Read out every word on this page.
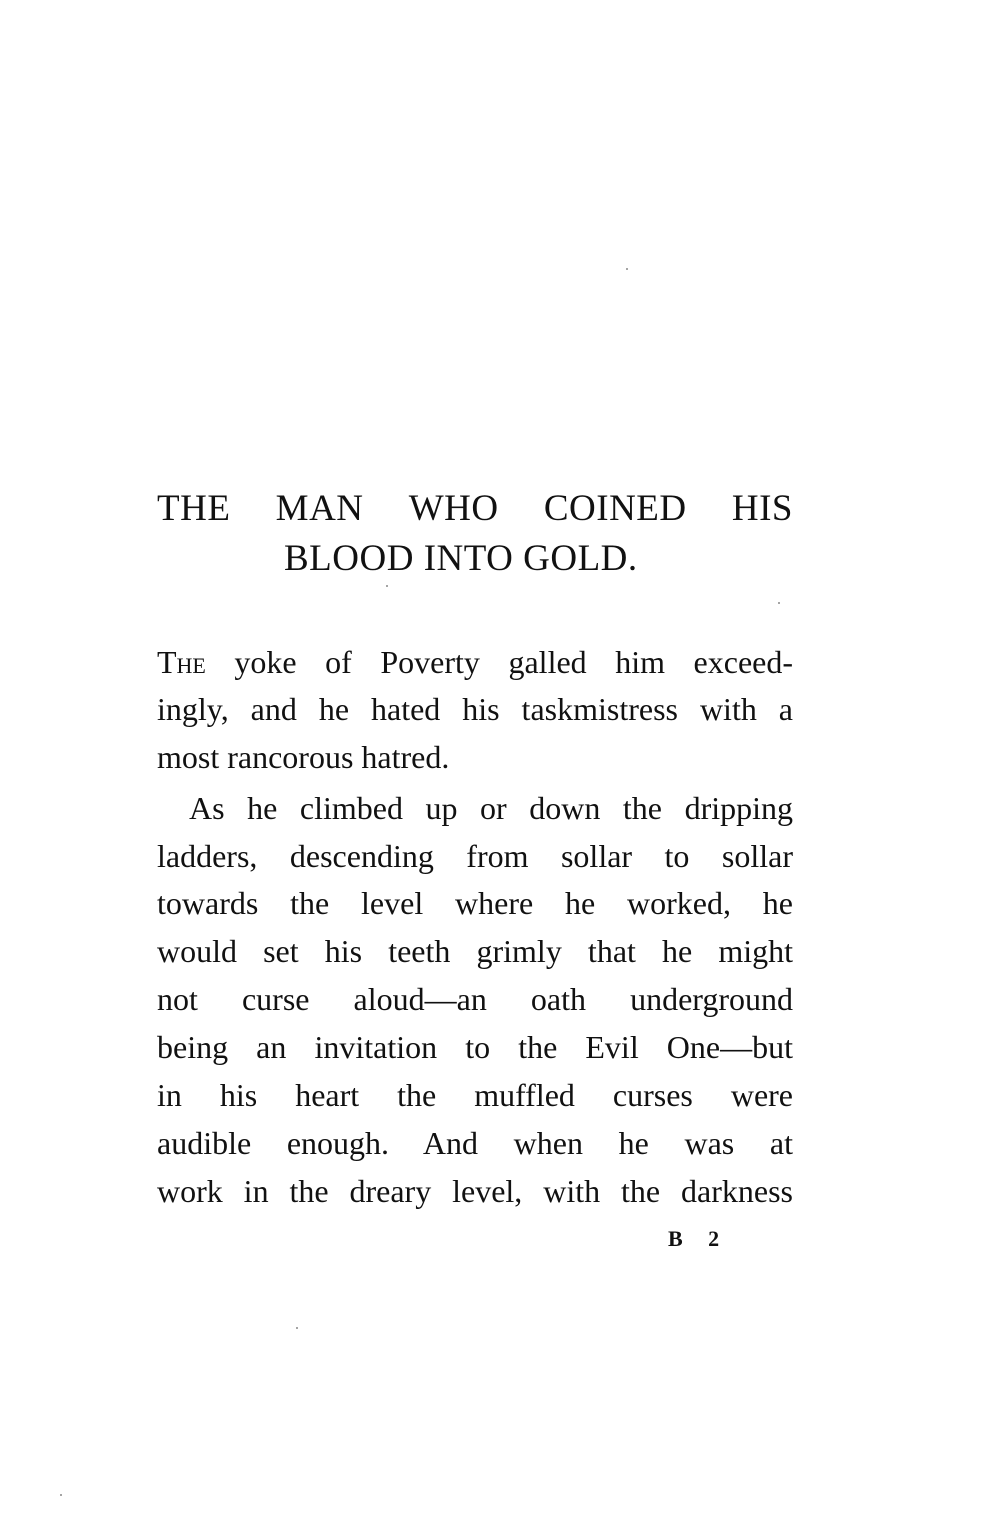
THE MAN WHO COINED HIS
BLOOD INTO GOLD.
The yoke of Poverty galled him exceed-
ingly, and he hated his taskmistress with a
most rancorous hatred.
As he climbed up or down the dripping
ladders, descending from sollar to sollar
towards the level where he worked, he
would set his teeth grimly that he might
not curse aloud—an oath underground
being an invitation to the Evil One—but
in his heart the muffled curses were
audible enough. And when he was at
work in the dreary level, with the darkness
B 2
